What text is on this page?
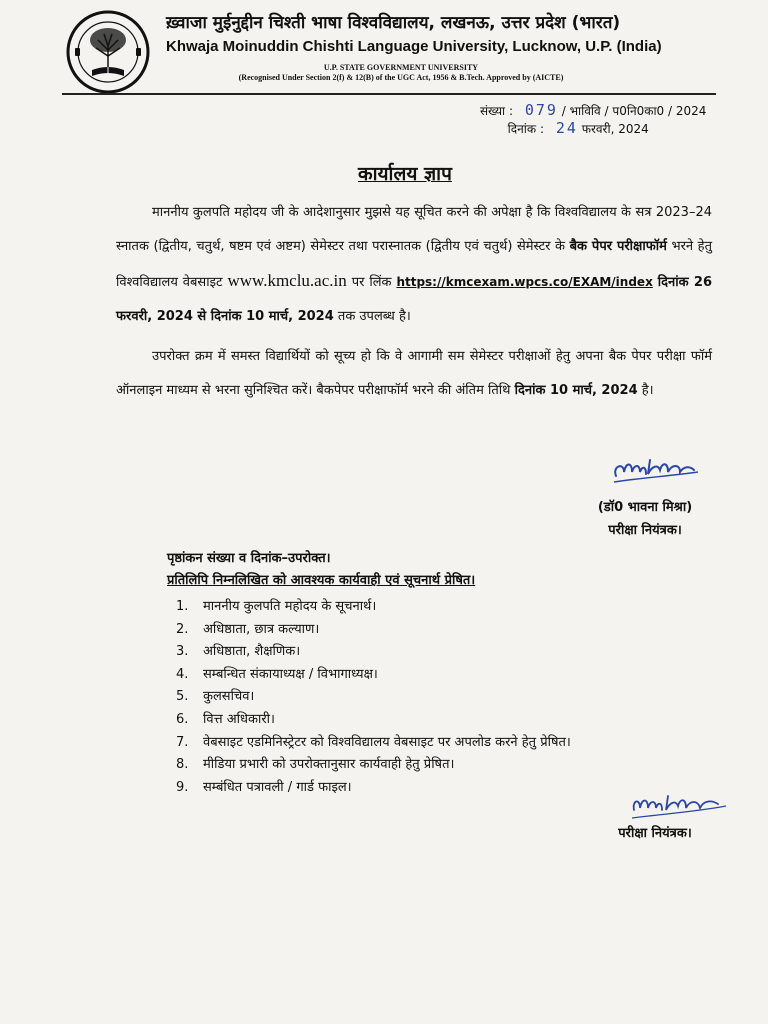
ख़्वाजा मुईनुद्दीन चिश्ती भाषा विश्वविद्यालय, लखनऊ, उत्तर प्रदेश (भारत)
Khwaja Moinuddin Chishti Language University, Lucknow, U.P. (India)
U.P. STATE GOVERNMENT UNIVERSITY
(Recognised Under Section 2(f) & 12(B) of the UGC Act, 1956 & B.Tech. Approved by (AICTE)
संख्या : 079 / भाविवि / प0नि0का0 / 2024
दिनांक : 24 फरवरी, 2024
कार्यालय ज्ञाप

माननीय कुलपति महोदय जी के आदेशानुसार मुझसे यह सूचित करने की अपेक्षा है कि विश्वविद्यालय के सत्र 2023–24 स्नातक (द्वितीय, चतुर्थ, षष्टम एवं अष्टम) सेमेस्टर तथा परास्नातक (द्वितीय एवं चतुर्थ) सेमेस्टर के बैक पेपर परीक्षाफॉर्म भरने हेतु विश्वविद्यालय वेबसाइट www.kmclu.ac.in पर लिंक https://kmcexam.wpcs.co/EXAM/index दिनांक 26 फरवरी, 2024 से दिनांक 10 मार्च, 2024 तक उपलब्ध है।

उपरोक्त क्रम में समस्त विद्यार्थियों को सूच्य हो कि वे आगामी सम सेमेस्टर परीक्षाओं हेतु अपना बैक पेपर परीक्षा फॉर्म ऑनलाइन माध्यम से भरना सुनिश्चित करें। बैकपेपर परीक्षाफॉर्म भरने की अंतिम तिथि दिनांक 10 मार्च, 2024 है।

(डॉ0 भावना मिश्रा)
परीक्षा नियंत्रक।
पृष्ठांकन संख्या व दिनांक–उपरोक्त।
प्रतिलिपि निम्नलिखित को आवश्यक कार्यवाही एवं सूचनार्थ प्रेषित।
1. माननीय कुलपति महोदय के सूचनार्थ।
2. अधिष्ठाता, छात्र कल्याण।
3. अधिष्ठाता, शैक्षणिक।
4. सम्बन्धित संकायाध्यक्ष / विभागाध्यक्ष।
5. कुलसचिव।
6. वित्त अधिकारी।
7. वेबसाइट एडमिनिस्ट्रेटर को विश्वविद्यालय वेबसाइट पर अपलोड करने हेतु प्रेषित।
8. मीडिया प्रभारी को उपरोक्तानुसार कार्यवाही हेतु प्रेषित।
9. सम्बंधित पत्रावली / गार्ड फाइल।
परीक्षा नियंत्रक।
